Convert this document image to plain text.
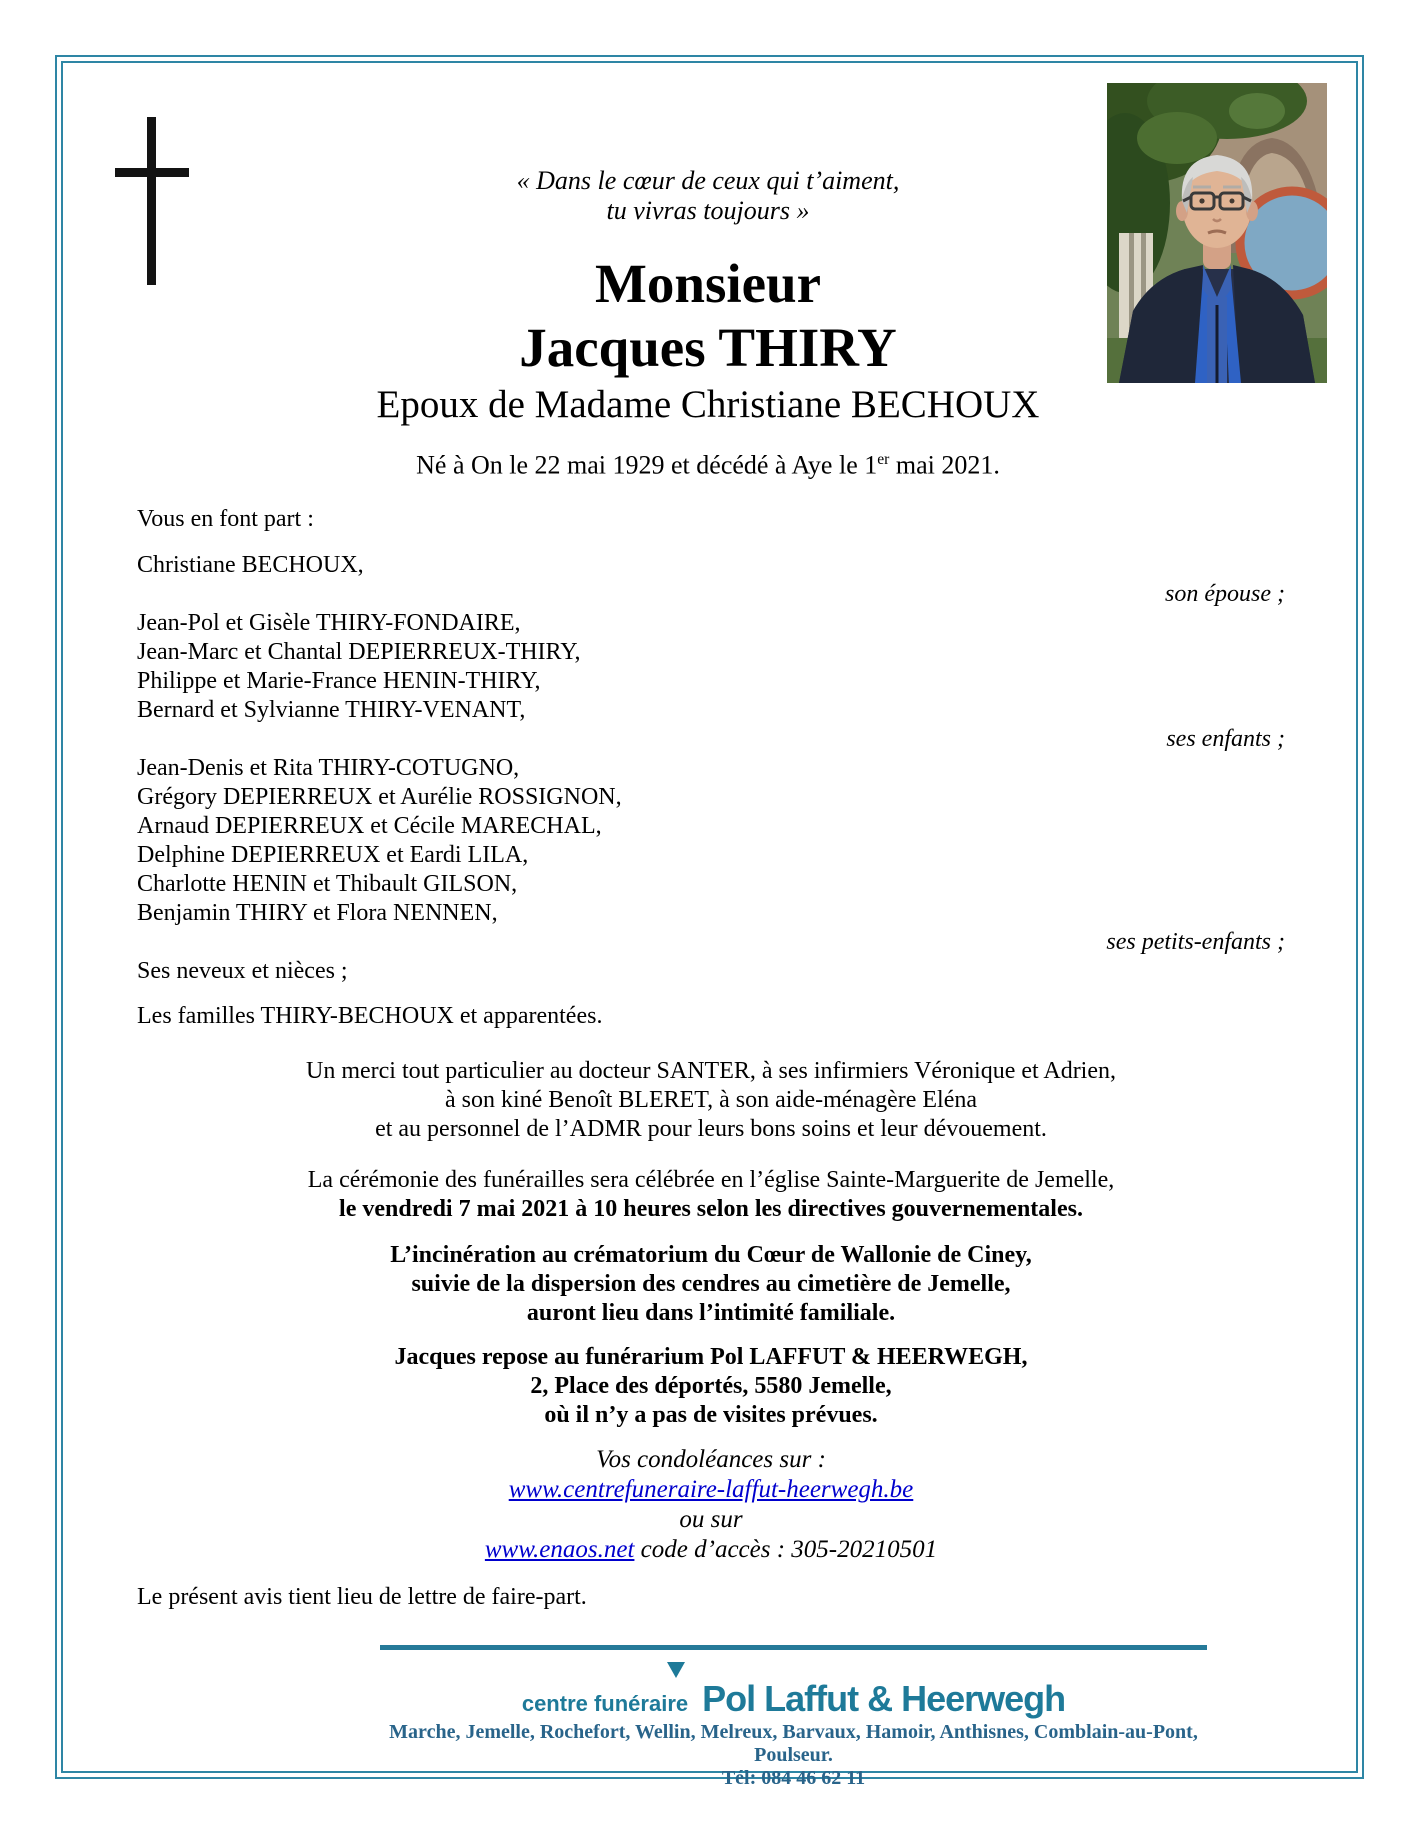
« Dans le cœur de ceux qui t’aiment,
tu vivras toujours »
Monsieur
Jacques THIRY
Epoux de Madame Christiane BECHOUX
Né à On le 22 mai 1929 et décédé à Aye le 1er mai 2021.
Vous en font part :
Christiane BECHOUX,
son épouse ;
Jean-Pol et Gisèle THIRY-FONDAIRE,
Jean-Marc et Chantal DEPIERREUX-THIRY,
Philippe et Marie-France HENIN-THIRY,
Bernard et Sylvianne THIRY-VENANT,
ses enfants ;
Jean-Denis et Rita THIRY-COTUGNO,
Grégory DEPIERREUX et Aurélie ROSSIGNON,
Arnaud DEPIERREUX et Cécile MARECHAL,
Delphine DEPIERREUX et Eardi LILA,
Charlotte HENIN et Thibault GILSON,
Benjamin THIRY et Flora NENNEN,
ses petits-enfants ;
Ses neveux et nièces ;
Les familles THIRY-BECHOUX et apparentées.

Un merci tout particulier au docteur SANTER, à ses infirmiers Véronique et Adrien,
à son kiné Benoît BLERET, à son aide-ménagère Eléna
et au personnel de l’ADMR pour leurs bons soins et leur dévouement.

La cérémonie des funérailles sera célébrée en l’église Sainte-Marguerite de Jemelle,
le vendredi 7 mai 2021 à 10 heures selon les directives gouvernementales.

L’incinération au crématorium du Cœur de Wallonie de Ciney,
suivie de la dispersion des cendres au cimetière de Jemelle,
auront lieu dans l’intimité familiale.

Jacques repose au funérarium Pol LAFFUT & HEERWEGH,
2, Place des déportés, 5580 Jemelle,
où il n’y a pas de visites prévues.

Vos condoléances sur :
www.centrefuneraire-laffut-heerwegh.be
ou sur
www.enaos.net code d’accès : 305-20210501

Le présent avis tient lieu de lettre de faire-part.

centre funéraire Pol Laffut & Heerwegh
Marche, Jemelle, Rochefort, Wellin, Melreux, Barvaux, Hamoir, Anthisnes, Comblain-au-Pont, Poulseur.
Tél: 084 46 62 11
